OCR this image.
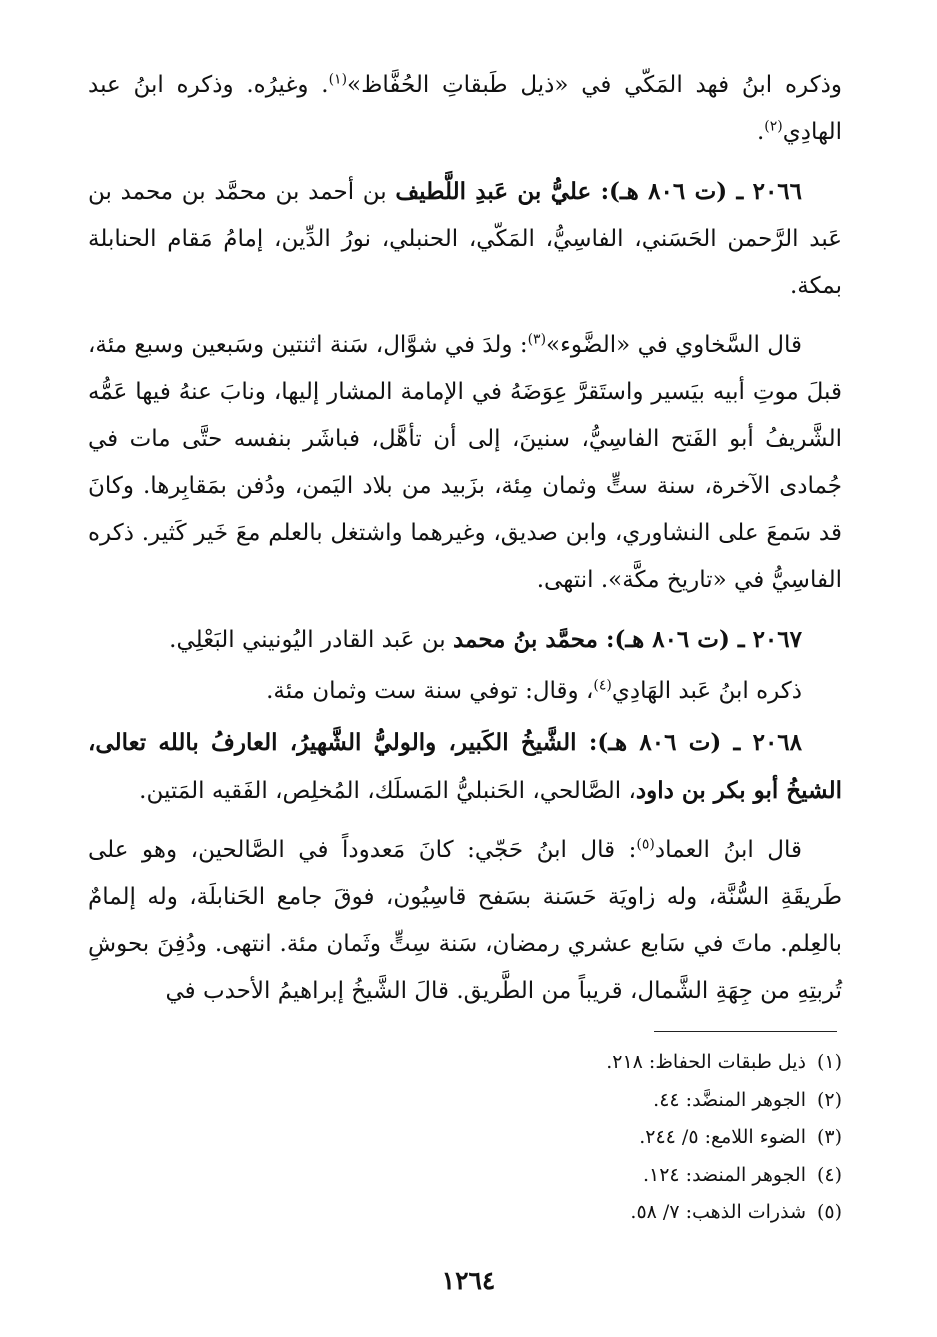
وذكره ابنُ فهد المَكّي في «ذيل طَبقاتِ الحُفَّاظ»$^{(١)}$. وغيرُه. وذكره ابنُ عبد الهادِي$^{(٢)}$.

٢٠٦٦ ـ (ت ٨٠٦ هـ): عليُّ بن عَبدِ اللَّطيف بن أحمد بن محمَّد بن محمد بن عَبد الرَّحمن الحَسَني، الفاسِيُّ، المَكّي، الحنبلي، نورُ الدِّين، إمامُ مَقام الحنابلة بمكة.

قال السَّخاوي في «الضَّوء»$^{(٣)}$: ولدَ في شوَّال، سَنة اثنتين وسَبعين وسبع مئة، قبلَ موتِ أبيه بيَسير واستَقرَّ عِوَضَهُ في الإمامة المشار إليها، ونابَ عنهُ فيها عَمُّه الشَّريفُ أبو الفَتح الفاسِيُّ، سنينَ، إلى أن تأهَّل، فباشَر بنفسه حتَّى مات في جُمادى الآخرة، سنة ستٍّ وثمان مِئة، بزَبيد من بلاد اليَمن، ودُفن بمَقابِرها. وكانَ قد سَمعَ على النشاوري، وابن صديق، وغيرهما واشتغل بالعلم معَ خَير كَثير. ذكره الفاسِيُّ في «تاريخ مكَّة». انتهى.

٢٠٦٧ ـ (ت ٨٠٦ هـ): محمَّد بنُ محمد بن عَبد القادر اليُونيني البَعْلِي.

ذكره ابنُ عَبد الهَادِي$^{(٤)}$، وقال: توفي سنة ست وثمان مئة.

٢٠٦٨ ـ (ت ٨٠٦ هـ): الشَّيخُ الكَبير، والوليُّ الشَّهيرُ، العارفُ بالله تعالى، الشيخُ أبو بكر بن داود، الصَّالحي، الحَنبليُّ المَسلَك، المُخلِص، الفَقيه المَتين.

قال ابنُ العماد$^{(٥)}$: قال ابنُ حَجّي: كانَ مَعدوداً في الصَّالحين، وهو على طَريقَةِ السُّنَّة، وله زاويَة حَسَنة بسَفح قاسِيُون، فوقَ جامع الحَنابلَة، وله إلمامٌ بالعِلم. ماتَ في سَابع عشري رمضان، سَنة سِتٍّ وثَمان مئة. انتهى. ودُفِنَ بحوشِ تُربتِهِ من جِهَةِ الشَّمال، قريباً من الطَّريق. قالَ الشَّيخُ إبراهيمُ الأحدب في

(١)ذيل طبقات الحفاظ: ٢١٨.
(٢)الجوهر المنضَّد: ٤٤.
(٣)الضوء اللامع: ٥/ ٢٤٤.
(٤)الجوهر المنضد: ١٢٤.
(٥)شذرات الذهب: ٧/ ٥٨.
١٢٦٤
